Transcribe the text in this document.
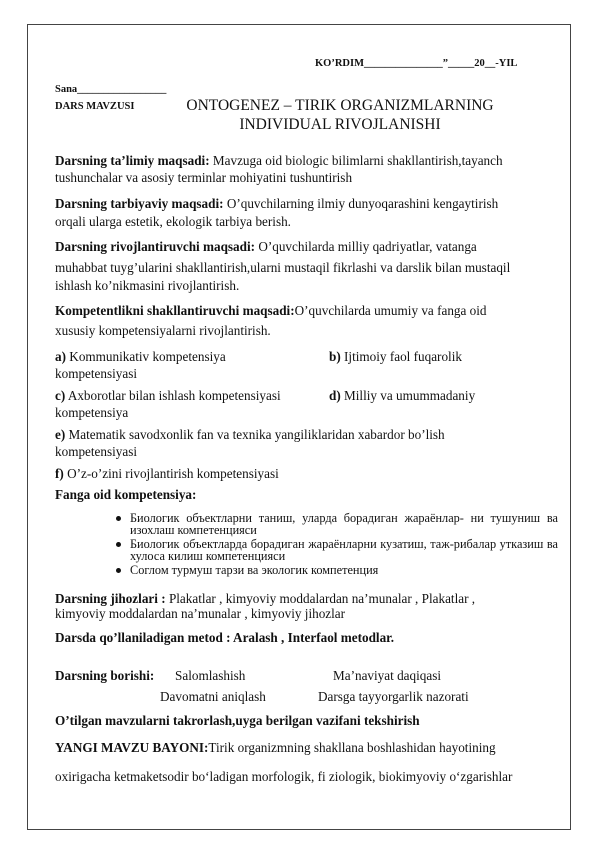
KO’RDIM_______________”_____20__-YIL
Sana_________________
DARS MAVZUSI	ONTOGENEZ – TIRIK ORGANIZMLARNING
INDIVIDUAL RIVOJLANISHI
Darsning ta’limiy maqsadi: Mavzuga oid biologic bilimlarni shakllantirish,tayanch
tushunchalar va asosiy terminlar mohiyatini tushuntirish
Darsning tarbiyaviy maqsadi: O’quvchilarning ilmiy dunyoqarashini kengaytirish
orqali ularga estetik, ekologik tarbiya berish.
Darsning rivojlantiruvchi maqsadi: O’quvchilarda milliy qadriyatlar, vatanga
muhabbat tuyg’ularini shakllantirish,ularni mustaqil fikrlashi va darslik bilan mustaqil
ishlash ko’nikmasini rivojlantirish.
Kompetentlikni shakllantiruvchi maqsadi:O’quvchilarda umumiy va fanga oid
xususiy kompetensiyalarni rivojlantirish.
a) Kommunikativ kompetensiya	b) Ijtimoiy faol fuqarolik
kompetensiyasi
c) Axborotlar bilan ishlash kompetensiyasi	d) Milliy va umummadaniy
kompetensiya
e) Matematik savodxonlik fan va texnika yangiliklaridan xabardor bo’lish
kompetensiyasi
f) O’z-o’zini rivojlantirish kompetensiyasi
Fanga oid kompetensiya:
Биологик объектларни таниш, уларда бoрадиган жараёнлар- ни тушуниш ва изохлаш компетенцияси
Биологик объектларда бoрадиган жараёнларни кузатиш, таж-рибалар утказиш ва хулоса килиш компетенцияси
Соглом турмуш тарзи ва экологик компетенция
Darsning jihozlari : Plakatlar , kimyoviy moddalardan na’munalar , Plakatlar ,
kimyoviy moddalardan na’munalar , kimyoviy jihozlar
Darsda qo’llaniladigan metod : Aralash , Interfaol metodlar.
Darsning borishi: Salomlashish	Ma’naviyat daqiqasi
Davomatni aniqlash	Darsga tayyorgarlik nazorati
O’tilgan mavzularni takrorlash,uyga berilgan vazifani tekshirish
YANGI MAVZU BAYONI:Tirik organizmning shakllana boshlashidan hayotining
oxirigacha ketmaketsodir bo‘ladigan morfologik, fi ziologik, biokimyoviy o‘zgarishlar
